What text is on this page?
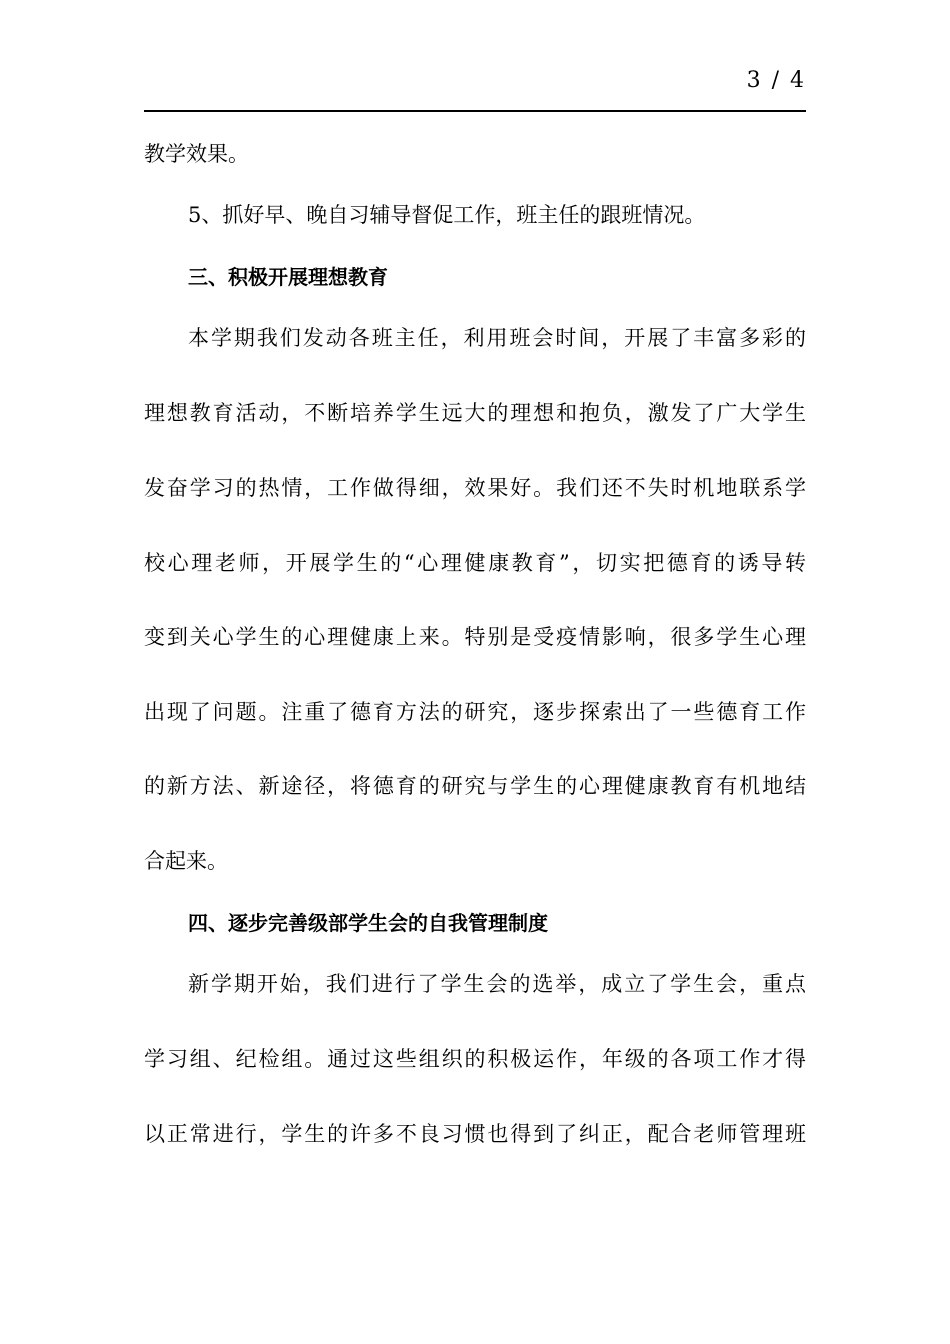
3 / 4
教学效果。
5、抓好早、晚自习辅导督促工作，班主任的跟班情况。
三、积极开展理想教育
本学期我们发动各班主任，利用班会时间，开展了丰富多彩的
理想教育活动，不断培养学生远大的理想和抱负，激发了广大学生
发奋学习的热情，工作做得细，效果好。我们还不失时机地联系学
校心理老师，开展学生的“心理健康教育”，切实把德育的诱导转
变到关心学生的心理健康上来。特别是受疫情影响，很多学生心理
出现了问题。注重了德育方法的研究，逐步探索出了一些德育工作
的新方法、新途径，将德育的研究与学生的心理健康教育有机地结
合起来。
四、逐步完善级部学生会的自我管理制度
新学期开始，我们进行了学生会的选举，成立了学生会，重点
学习组、纪检组。通过这些组织的积极运作，年级的各项工作才得
以正常进行，学生的许多不良习惯也得到了纠正，配合老师管理班
